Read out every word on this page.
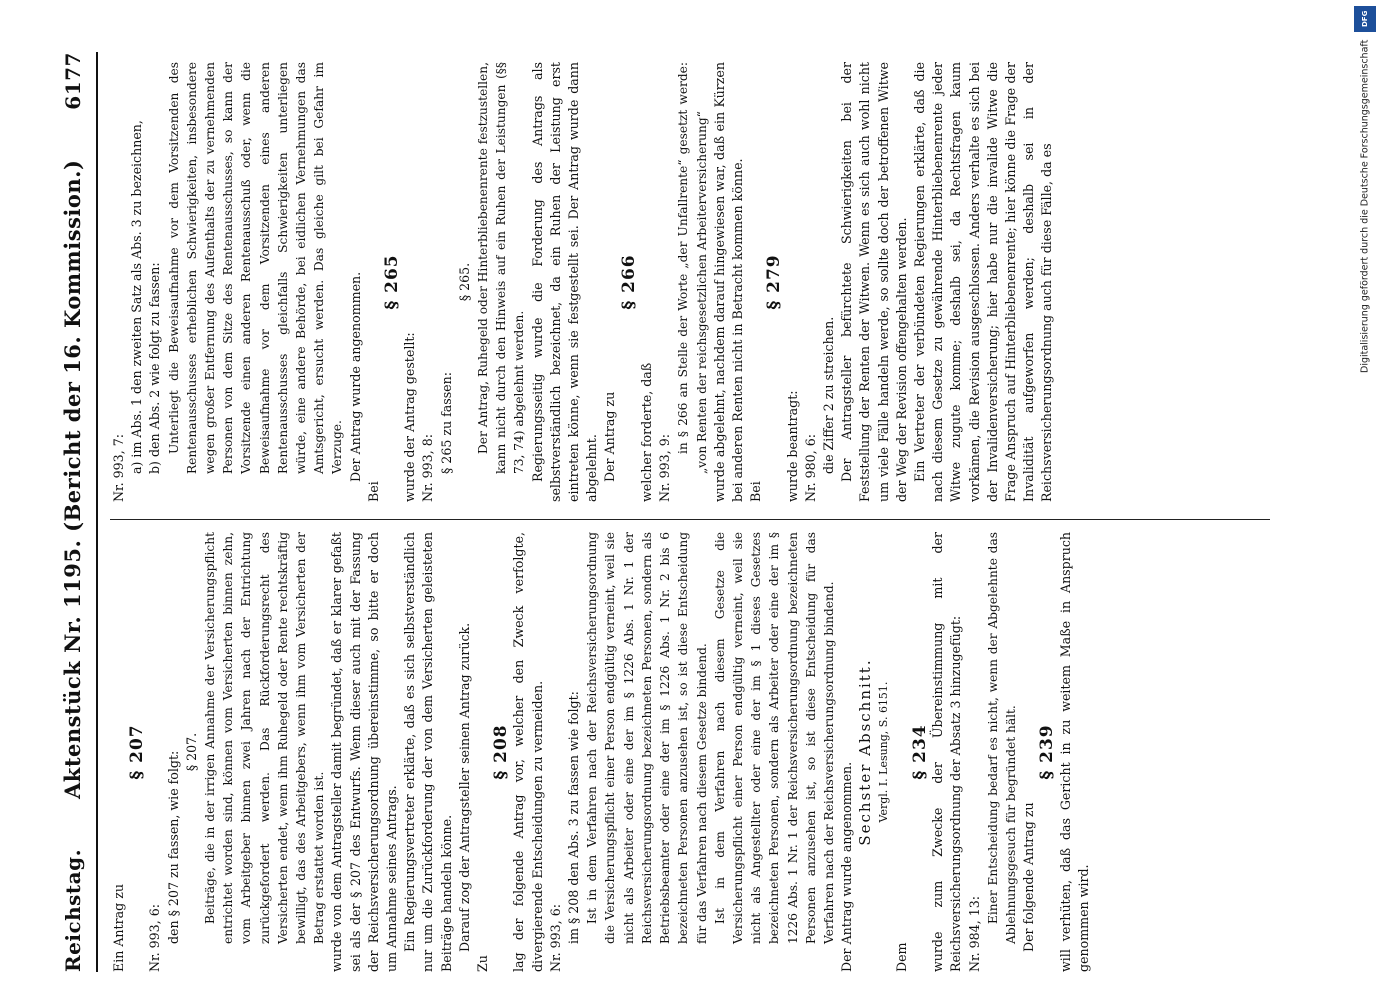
Reichstag.
Aktenstück Nr. 1195. (Bericht der 16. Kommission.)
6177

Ein Antrag zu

§ 207

Nr. 993, 6: den § 207 zu fassen, wie folgt: § 207. Beiträge, die in der irrigen Annahme der Versicherungspflicht entrichtet worden sind, können vom Versicherten binnen zehn, vom Arbeitgeber binnen zwei Jahren nach der Entrichtung zurückgefordert werden. Das Rückforderungsrecht des Versicherten endet, wenn ihm Ruhegeld oder Rente rechtskräftig bewilligt, das des Arbeitgebers, wenn ihm vom Versicherten der Betrag erstattet worden ist. wurde von dem Antragsteller damit begründet, daß er klarer gefaßt sei als der § 207 des Entwurfs. Wenn dieser auch mit der Fassung der Reichsversicherungsordnung übereinstimme, so bitte er doch um Annahme seines Antrags. Ein Regierungsvertreter erklärte, daß es sich selbstverständlich nur um die Zurückforderung der von dem Versicherten geleisteten Beiträge handeln könne. Darauf zog der Antragsteller seinen Antrag zurück.

Zu

§ 208 lag der folgende Antrag vor, welcher den Zweck verfolgte, divergierende Entscheidungen zu vermeiden. Nr. 993, 6: im § 208 den Abs. 3 zu fassen wie folgt: Ist in dem Verfahren nach der Reichsversicherungsordnung die Versicherungspflicht einer Person endgültig verneint, weil sie nicht als Arbeiter oder eine der im § 1226 Abs. 1 Nr. 1 der Reichsversicherungsordnung bezeichneten Personen, sondern als Betriebsbeamter oder eine der im § 1226 Abs. 1 Nr. 2 bis 6 bezeichneten Personen anzusehen ist, so ist diese Entscheidung für das Verfahren nach diesem Gesetze bindend. Ist in dem Verfahren nach diesem Gesetze die Versicherungspflicht einer Person endgültig verneint, weil sie nicht als Angestellter oder eine der im § 1 dieses Gesetzes bezeichneten Personen, sondern als Arbeiter oder eine der im § 1226 Abs. 1 Nr. 1 der Reichsversicherungsordnung bezeichneten Personen anzusehen ist, so ist diese Entscheidung für das Verfahren nach der Reichsversicherungsordnung bindend. Der Antrag wurde angenommen.

Sechster Abschnitt. Vergl. I. Lesung, S. 6151.

Dem

§ 234 wurde zum Zwecke der Übereinstimmung mit der Reichsversicherungsordnung der Absatz 3 hinzugefügt: Nr. 984, 13:

Einer Entscheidung bedarf es nicht, wenn der Abgelehnte das Ablehnungsgesuch für begründet hält. Der folgende Antrag zu

§ 239 will verhüten, daß das Gericht in zu weitem Maße in Anspruch genommen wird.

Nr. 993, 7: a) im Abs. 1 den zweiten Satz als Abs. 3 zu bezeichnen, b) den Abs. 2 wie folgt zu fassen: Unterliegt die Beweisaufnahme vor dem Vorsitzenden des Rentenausschusses erheblichen Schwierigkeiten, insbesondere wegen großer Entfernung des Aufenthalts der zu vernehmenden Personen von dem Sitze des Rentenausschusses, so kann der Vorsitzende einen anderen Rentenausschuß oder, wenn die Beweisaufnahme vor dem Vorsitzenden eines anderen Rentenausschusses gleichfalls Schwierigkeiten unterliegen würde, eine andere Behörde, bei eidlichen Vernehmungen das Amtsgericht, ersucht werden. Das gleiche gilt bei Gefahr im Verzuge. Der Antrag wurde angenommen.

Bei

§ 265

wurde der Antrag gestellt: Nr. 993, 8: § 265 zu fassen:

§ 265. Der Antrag, Ruhegeld oder Hinterbliebenenrente festzustellen, kann nicht durch den Hinweis auf ein Ruhen der Leistungen (§§ 73, 74) abgelehnt werden. Regierungsseitig wurde die Forderung des Antrags als selbstverständlich bezeichnet, da ein Ruhen der Leistung erst eintreten könne, wenn sie festgestellt sei. Der Antrag wurde dann abgelehnt. Der Antrag zu

§ 266

welcher forderte, daß Nr. 993, 9:

in § 266 an Stelle der Worte „der Unfallrente“ gesetzt werde: „von Renten der reichsgesetzlichen Arbeiterversicherung“ wurde abgelehnt, nachdem darauf hingewiesen war, daß ein Kürzen bei anderen Renten nicht in Betracht kommen könne. Bei

§ 279

wurde beantragt: Nr. 980, 6: die Ziffer 2 zu streichen. Der Antragsteller befürchtete Schwierigkeiten bei der Feststellung der Renten der Witwen. Wenn es sich auch wohl nicht um viele Fälle handeln werde, so sollte doch der betroffenen Witwe der Weg der Revision offengehalten werden. Ein Vertreter der verbündeten Regierungen erklärte, daß die nach diesem Gesetze zu gewährende Hinterbliebenenrente jeder Witwe zugute komme; deshalb sei, da Rechtsfragen kaum vorkämen, die Revision ausgeschlossen. Anders verhalte es sich bei der Invalidenversicherung; hier habe nur die invalide Witwe die Frage Anspruch auf Hinterbliebenenrente; hier könne die Frage der Invalidität aufgeworfen werden; deshalb sei in der Reichsversicherungsordnung auch für diese Fälle, da es

DFG
Digitalisierung gefördert durch die Deutsche Forschungsgemeinschaft
